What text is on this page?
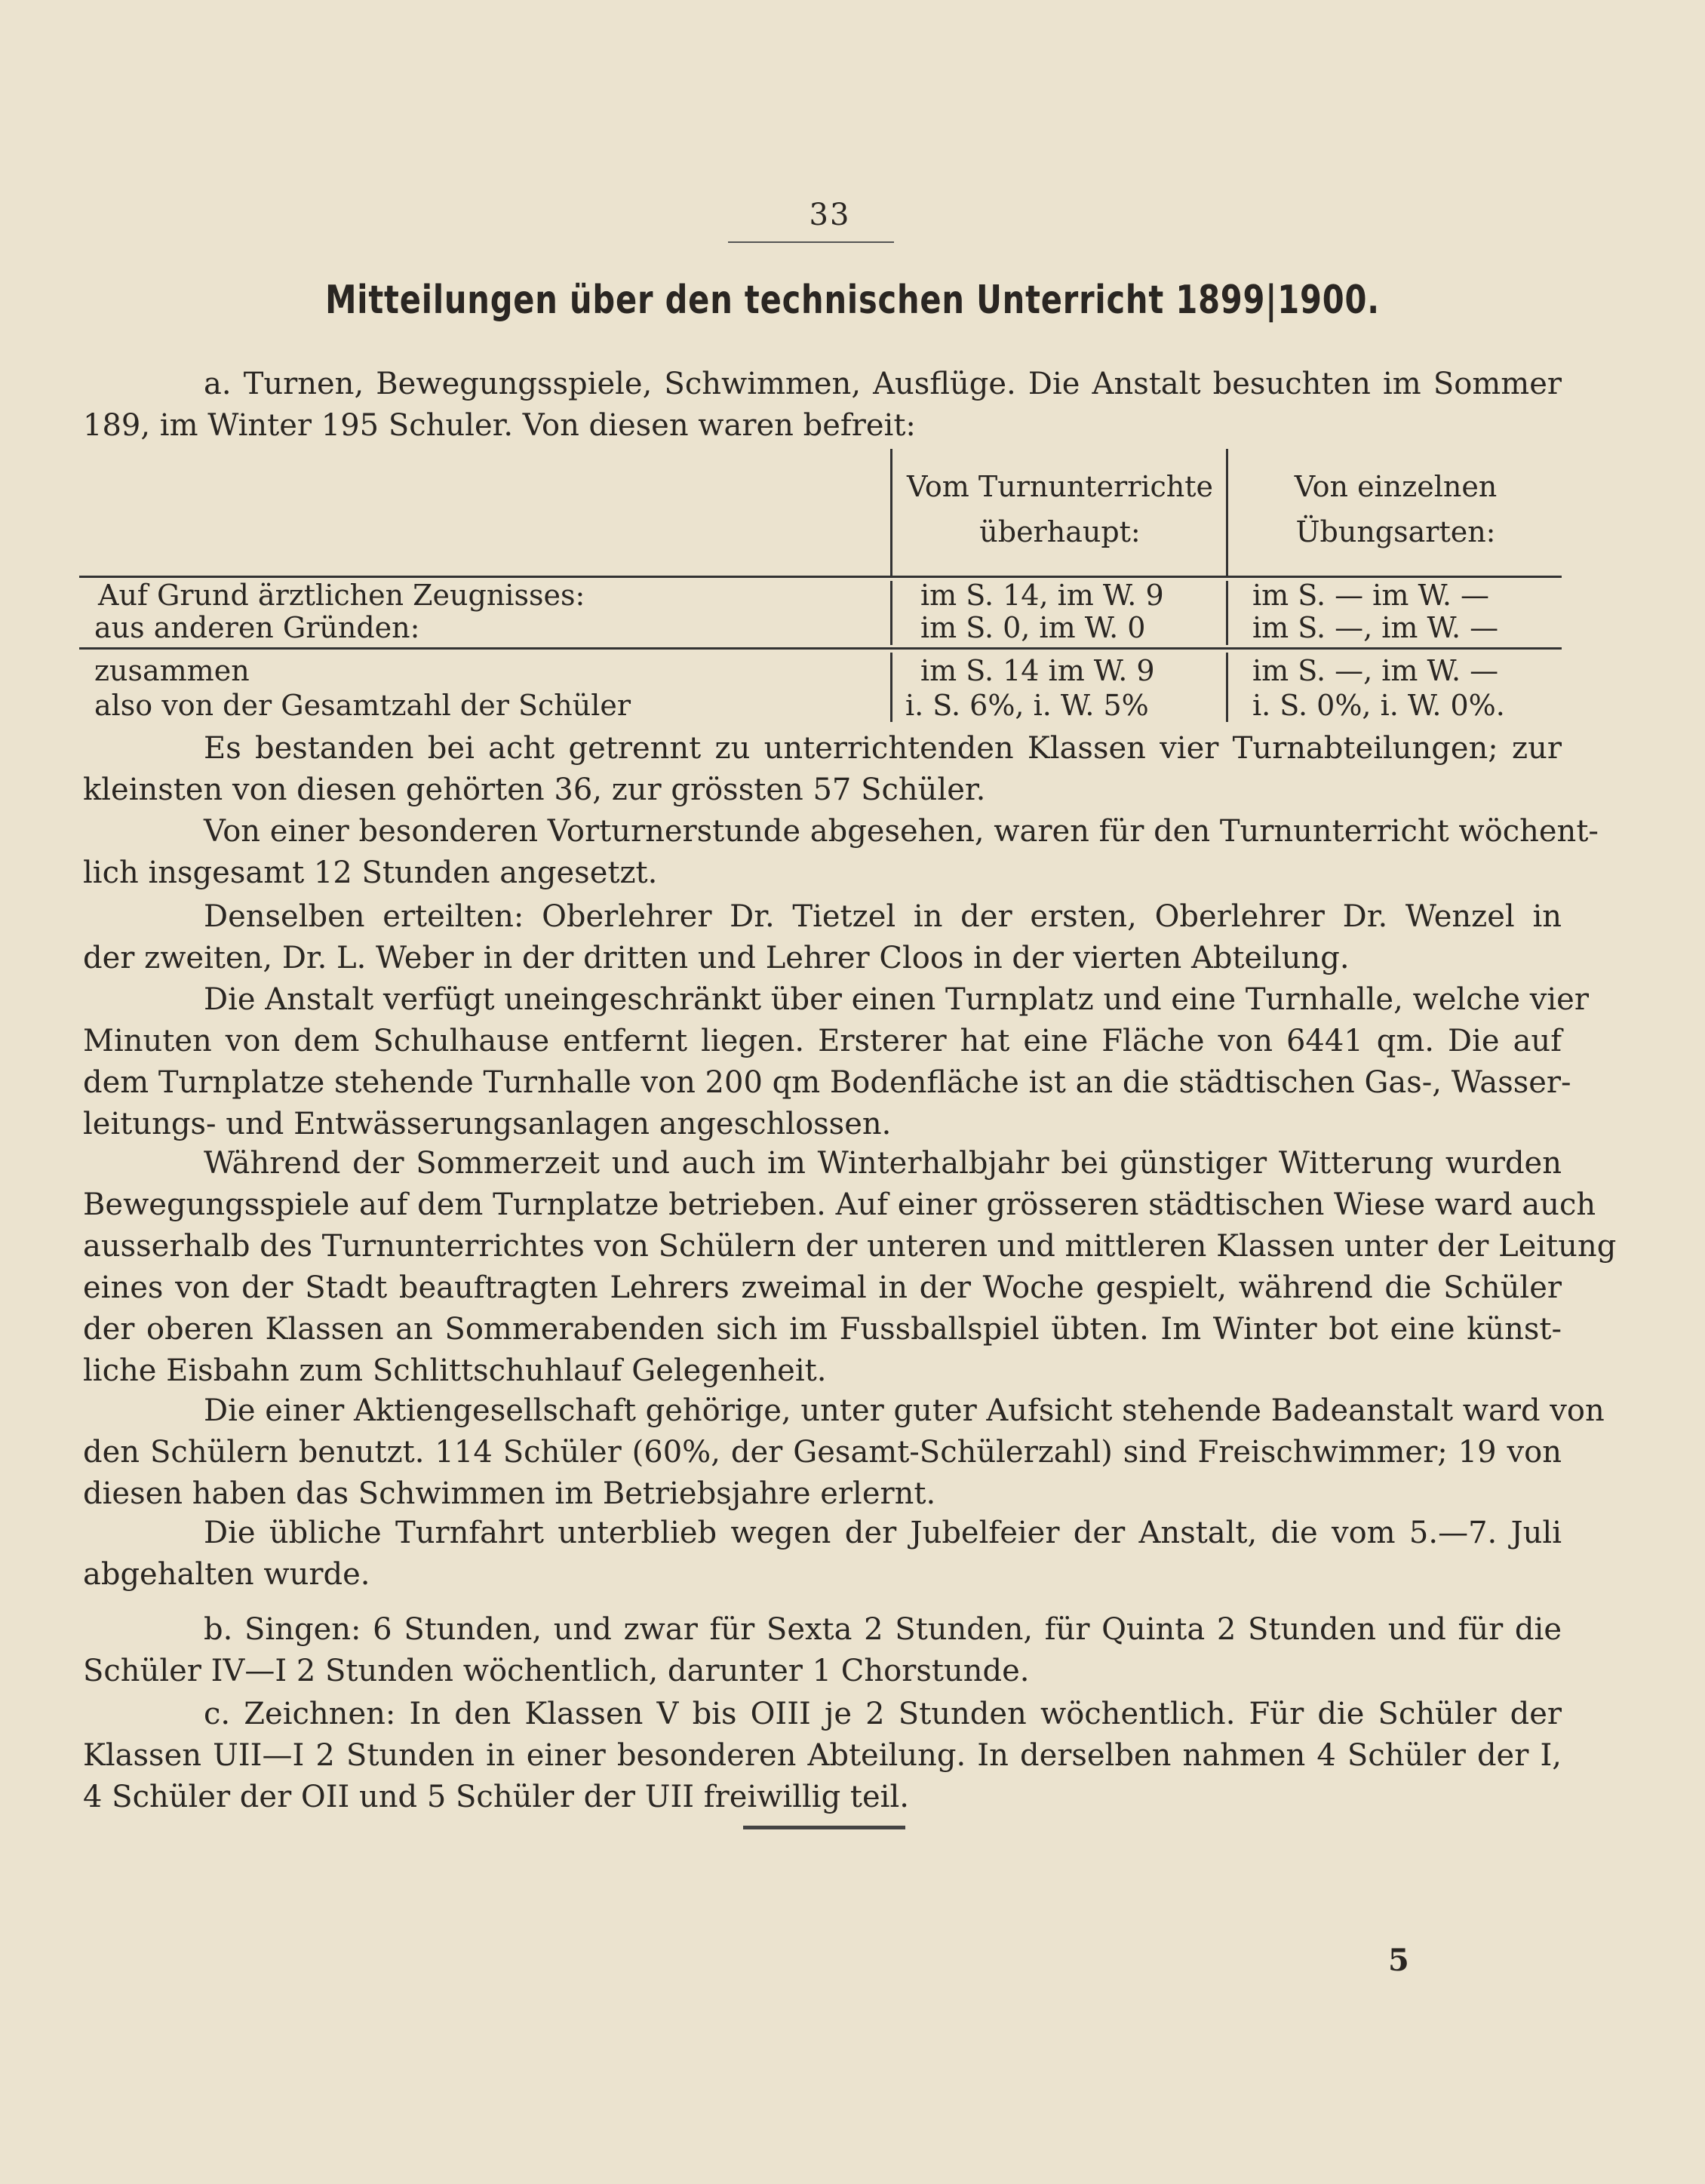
33
Mitteilungen über den technischen Unterricht 1899|1900.
a. Turnen, Bewegungsspiele, Schwimmen, Ausflüge. Die Anstalt besuchten im Sommer
189, im Winter 195 Schuler. Von diesen waren befreit:
Vom Turnunterrichte
überhaupt:
Von einzelnen
Übungsarten:
Auf Grund ärztlichen Zeugnisses:	im S. 14, im W. 9	im S. — im W. —
aus anderen Gründen:	im S. 0, im W. 0	im S. —, im W. —
zusammen	im S. 14 im W. 9	im S. —, im W. —
also von der Gesamtzahl der Schüler	i. S. 6%, i. W. 5%	i. S. 0%, i. W. 0%.
Es bestanden bei acht getrennt zu unterrichtenden Klassen vier Turnabteilungen; zur
kleinsten von diesen gehörten 36, zur grössten 57 Schüler.
Von einer besonderen Vorturnerstunde abgesehen, waren für den Turnunterricht wöchent-
lich insgesamt 12 Stunden angesetzt.
Denselben erteilten: Oberlehrer Dr. Tietzel in der ersten, Oberlehrer Dr. Wenzel in
der zweiten, Dr. L. Weber in der dritten und Lehrer Cloos in der vierten Abteilung.
Die Anstalt verfügt uneingeschränkt über einen Turnplatz und eine Turnhalle, welche vier
Minuten von dem Schulhause entfernt liegen. Ersterer hat eine Fläche von 6441 qm. Die auf
dem Turnplatze stehende Turnhalle von 200 qm Bodenfläche ist an die städtischen Gas-, Wasser-
leitungs- und Entwässerungsanlagen angeschlossen.
Während der Sommerzeit und auch im Winterhalbjahr bei günstiger Witterung wurden
Bewegungsspiele auf dem Turnplatze betrieben. Auf einer grösseren städtischen Wiese ward auch
ausserhalb des Turnunterrichtes von Schülern der unteren und mittleren Klassen unter der Leitung
eines von der Stadt beauftragten Lehrers zweimal in der Woche gespielt, während die Schüler
der oberen Klassen an Sommerabenden sich im Fussballspiel übten. Im Winter bot eine künst-
liche Eisbahn zum Schlittschuhlauf Gelegenheit.
Die einer Aktiengesellschaft gehörige, unter guter Aufsicht stehende Badeanstalt ward von
den Schülern benutzt. 114 Schüler (60%, der Gesamt-Schülerzahl) sind Freischwimmer; 19 von
diesen haben das Schwimmen im Betriebsjahre erlernt.
Die übliche Turnfahrt unterblieb wegen der Jubelfeier der Anstalt, die vom 5.—7. Juli
abgehalten wurde.
b. Singen: 6 Stunden, und zwar für Sexta 2 Stunden, für Quinta 2 Stunden und für die
Schüler IV—I 2 Stunden wöchentlich, darunter 1 Chorstunde.
c. Zeichnen: In den Klassen V bis OIII je 2 Stunden wöchentlich. Für die Schüler der
Klassen UII—I 2 Stunden in einer besonderen Abteilung. In derselben nahmen 4 Schüler der I,
4 Schüler der OII und 5 Schüler der UII freiwillig teil.
5
